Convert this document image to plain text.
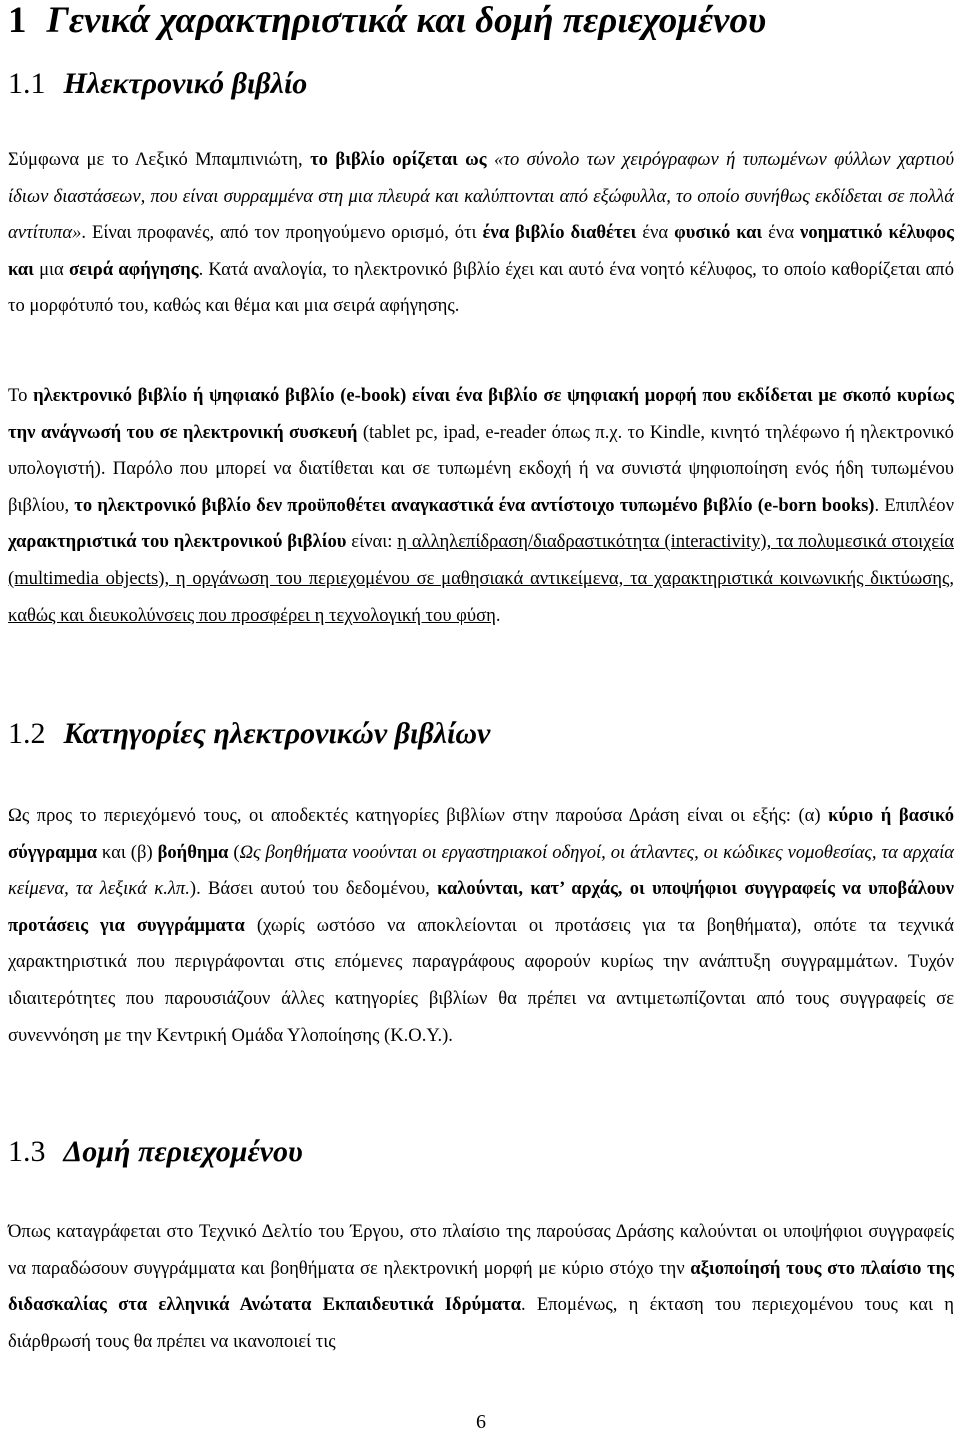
1 Γενικά χαρακτηριστικά και δομή περιεχομένου
1.1 Ηλεκτρονικό βιβλίο

Σύμφωνα με το Λεξικό Μπαμπινιώτη, το βιβλίο ορίζεται ως «το σύνολο των χειρόγραφων ή τυπωμένων φύλλων χαρτιού ίδιων διαστάσεων, που είναι συρραμμένα στη μια πλευρά και καλύπτονται από εξώφυλλα, το οποίο συνήθως εκδίδεται σε πολλά αντίτυπα». Είναι προφανές, από τον προηγούμενο ορισμό, ότι ένα βιβλίο διαθέτει ένα φυσικό και ένα νοηματικό κέλυφος και μια σειρά αφήγησης. Κατά αναλογία, το ηλεκτρονικό βιβλίο έχει και αυτό ένα νοητό κέλυφος, το οποίο καθορίζεται από το μορφότυπό του, καθώς και θέμα και μια σειρά αφήγησης.

Το ηλεκτρονικό βιβλίο ή ψηφιακό βιβλίο (e-book) είναι ένα βιβλίο σε ψηφιακή μορφή που εκδίδεται με σκοπό κυρίως την ανάγνωσή του σε ηλεκτρονική συσκευή (tablet pc, ipad, e-reader όπως π.χ. το Kindle, κινητό τηλέφωνο ή ηλεκτρονικό υπολογιστή). Παρόλο που μπορεί να διατίθεται και σε τυπωμένη εκδοχή ή να συνιστά ψηφιοποίηση ενός ήδη τυπωμένου βιβλίου, το ηλεκτρονικό βιβλίο δεν προϋποθέτει αναγκαστικά ένα αντίστοιχο τυπωμένο βιβλίο (e-born books). Επιπλέον χαρακτηριστικά του ηλεκτρονικού βιβλίου είναι: η αλληλεπίδραση/διαδραστικότητα (interactivity), τα πολυμεσικά στοιχεία (multimedia objects), η οργάνωση του περιεχομένου σε μαθησιακά αντικείμενα, τα χαρακτηριστικά κοινωνικής δικτύωσης, καθώς και διευκολύνσεις που προσφέρει η τεχνολογική του φύση.

1.2 Κατηγορίες ηλεκτρονικών βιβλίων

Ως προς το περιεχόμενό τους, οι αποδεκτές κατηγορίες βιβλίων στην παρούσα Δράση είναι οι εξής: (α) κύριο ή βασικό σύγγραμμα και (β) βοήθημα (Ως βοηθήματα νοούνται οι εργαστηριακοί οδηγοί, οι άτλαντες, οι κώδικες νομοθεσίας, τα αρχαία κείμενα, τα λεξικά κ.λπ.). Βάσει αυτού του δεδομένου, καλούνται, κατ’ αρχάς, οι υποψήφιοι συγγραφείς να υποβάλουν προτάσεις για συγγράμματα (χωρίς ωστόσο να αποκλείονται οι προτάσεις για τα βοηθήματα), οπότε τα τεχνικά χαρακτηριστικά που περιγράφονται στις επόμενες παραγράφους αφορούν κυρίως την ανάπτυξη συγγραμμάτων. Τυχόν ιδιαιτερότητες που παρουσιάζουν άλλες κατηγορίες βιβλίων θα πρέπει να αντιμετωπίζονται από τους συγγραφείς σε συνεννόηση με την Κεντρική Ομάδα Υλοποίησης (Κ.Ο.Υ.).

1.3 Δομή περιεχομένου

Όπως καταγράφεται στο Τεχνικό Δελτίο του Έργου, στο πλαίσιο της παρούσας Δράσης καλούνται οι υποψήφιοι συγγραφείς να παραδώσουν συγγράμματα και βοηθήματα σε ηλεκτρονική μορφή με κύριο στόχο την αξιοποίησή τους στο πλαίσιο της διδασκαλίας στα ελληνικά Ανώτατα Εκπαιδευτικά Ιδρύματα. Επομένως, η έκταση του περιεχομένου τους και η διάρθρωσή τους θα πρέπει να ικανοποιεί τις

6
